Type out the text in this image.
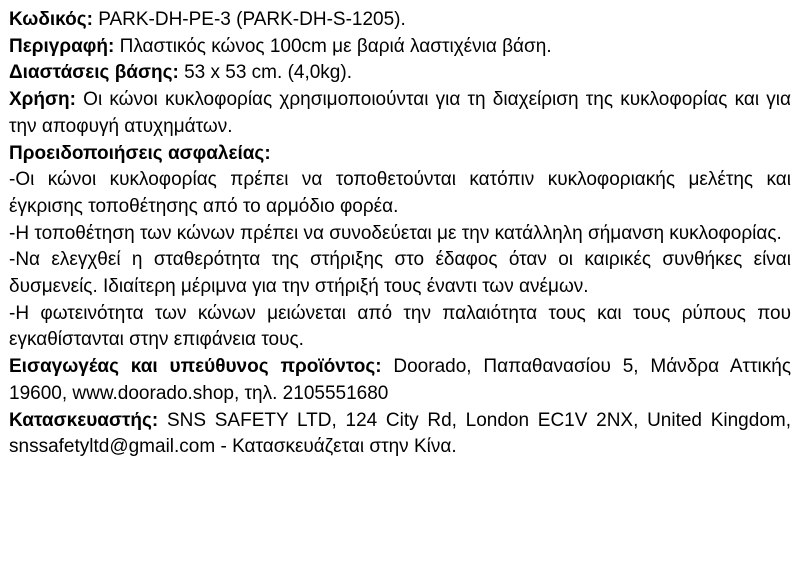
Κωδικός: PARK-DH-PE-3 (PARK-DH-S-1205).

Περιγραφή: Πλαστικός κώνος 100cm με βαριά λαστιχένια βάση.

Διαστάσεις βάσης: 53 x 53 cm. (4,0kg).

Χρήση: Οι κώνοι κυκλοφορίας χρησιμοποιούνται για τη διαχείριση της κυκλοφορίας και για την αποφυγή ατυχημάτων.

Προειδοποιήσεις ασφαλείας:

-Οι κώνοι κυκλοφορίας πρέπει να τοποθετούνται κατόπιν κυκλοφοριακής μελέτης και έγκρισης τοποθέτησης από το αρμόδιο φορέα.

-Η τοποθέτηση των κώνων πρέπει να συνοδεύεται με την κατάλληλη σήμανση κυκλοφορίας.

-Να ελεγχθεί η σταθερότητα της στήριξης στο έδαφος όταν οι καιρικές συνθήκες είναι δυσμενείς. Ιδιαίτερη μέριμνα για την στήριξή τους έναντι των ανέμων.

-Η φωτεινότητα των κώνων μειώνεται από την παλαιότητα τους και τους ρύπους που εγκαθίστανται στην επιφάνεια τους.

Εισαγωγέας και υπεύθυνος προϊόντος: Doorado, Παπαθανασίου 5, Μάνδρα Αττικής 19600, www.doorado.shop, τηλ. 2105551680

Κατασκευαστής: SNS SAFETY LTD, 124 City Rd, London EC1V 2NX, United Kingdom, snssafetyltd@gmail.com - Κατασκευάζεται στην Κίνα.
